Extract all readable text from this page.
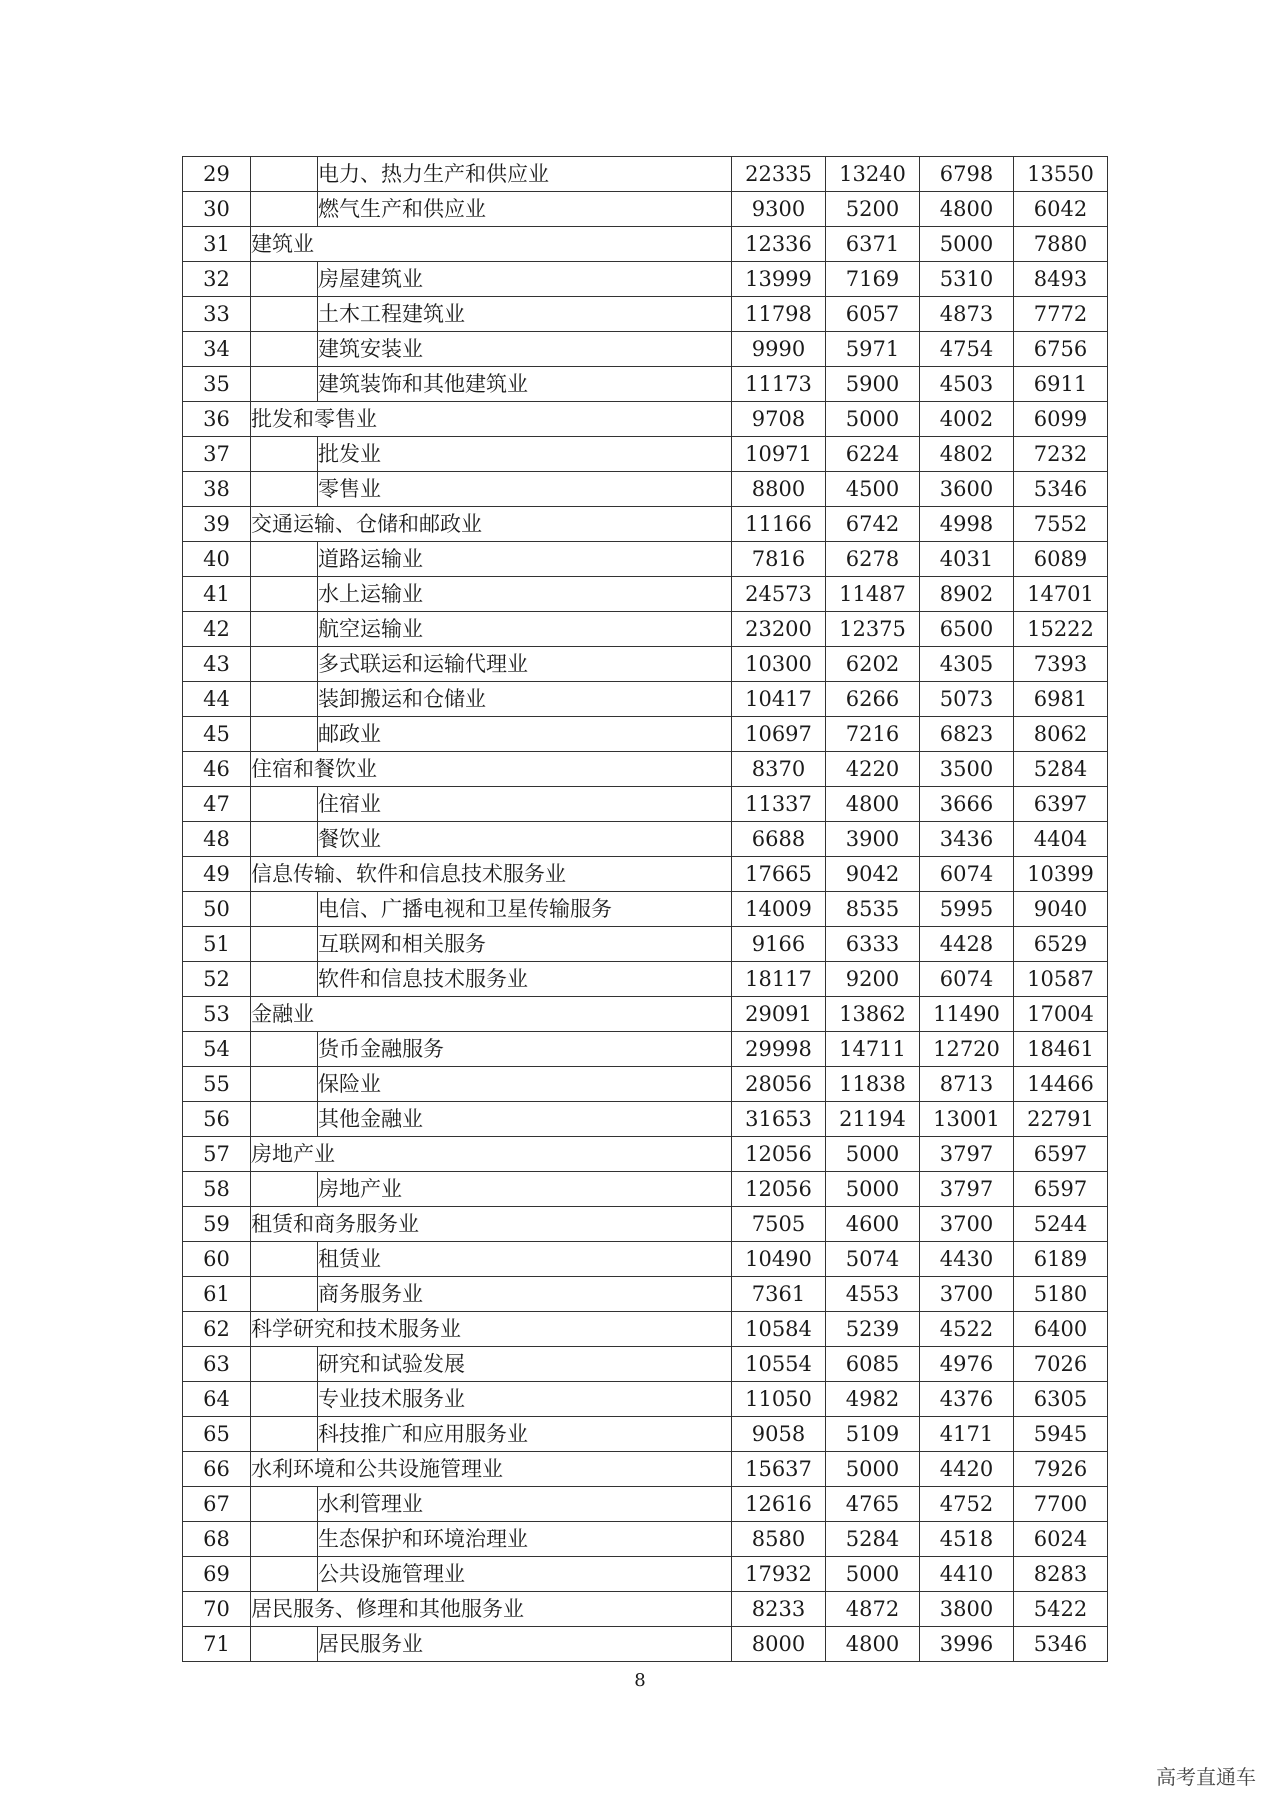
29		电力、热力生产和供应业	22335	13240	6798	13550
30		燃气生产和供应业	9300	5200	4800	6042
31	建筑业		12336	6371	5000	7880
32		房屋建筑业	13999	7169	5310	8493
33		土木工程建筑业	11798	6057	4873	7772
34		建筑安装业	9990	5971	4754	6756
35		建筑装饰和其他建筑业	11173	5900	4503	6911
36	批发和零售业		9708	5000	4002	6099
37		批发业	10971	6224	4802	7232
38		零售业	8800	4500	3600	5346
39	交通运输、仓储和邮政业		11166	6742	4998	7552
40		道路运输业	7816	6278	4031	6089
41		水上运输业	24573	11487	8902	14701
42		航空运输业	23200	12375	6500	15222
43		多式联运和运输代理业	10300	6202	4305	7393
44		装卸搬运和仓储业	10417	6266	5073	6981
45		邮政业	10697	7216	6823	8062
46	住宿和餐饮业		8370	4220	3500	5284
47		住宿业	11337	4800	3666	6397
48		餐饮业	6688	3900	3436	4404
49	信息传输、软件和信息技术服务业		17665	9042	6074	10399
50		电信、广播电视和卫星传输服务	14009	8535	5995	9040
51		互联网和相关服务	9166	6333	4428	6529
52		软件和信息技术服务业	18117	9200	6074	10587
53	金融业		29091	13862	11490	17004
54		货币金融服务	29998	14711	12720	18461
55		保险业	28056	11838	8713	14466
56		其他金融业	31653	21194	13001	22791
57	房地产业		12056	5000	3797	6597
58		房地产业	12056	5000	3797	6597
59	租赁和商务服务业		7505	4600	3700	5244
60		租赁业	10490	5074	4430	6189
61		商务服务业	7361	4553	3700	5180
62	科学研究和技术服务业		10584	5239	4522	6400
63		研究和试验发展	10554	6085	4976	7026
64		专业技术服务业	11050	4982	4376	6305
65		科技推广和应用服务业	9058	5109	4171	5945
66	水利环境和公共设施管理业		15637	5000	4420	7926
67		水利管理业	12616	4765	4752	7700
68		生态保护和环境治理业	8580	5284	4518	6024
69		公共设施管理业	17932	5000	4410	8283
70	居民服务、修理和其他服务业		8233	4872	3800	5422
71		居民服务业	8000	4800	3996	5346
8
高考直通车
